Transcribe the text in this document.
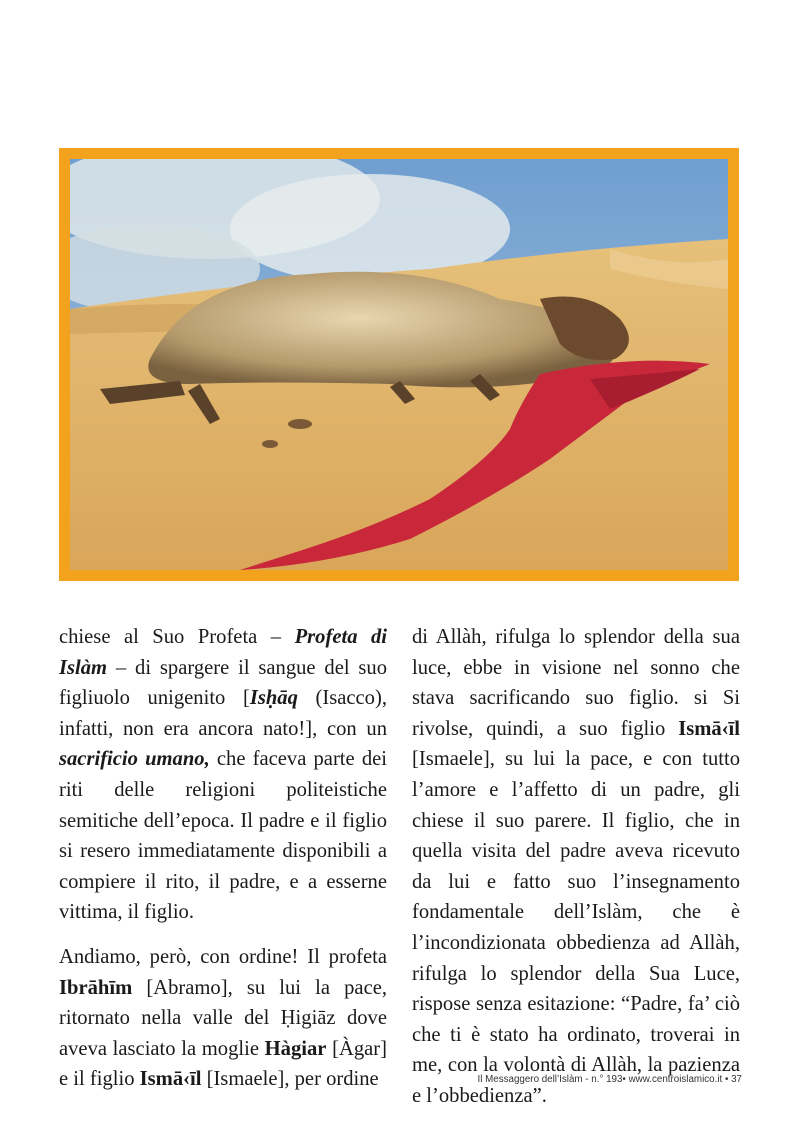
chiese al Suo Profeta – Profeta di Islàm – di spargere il sangue del suo figliuolo unigenito [Isḥāq (Isacco), infatti, non era ancora nato!], con un sacrificio umano, che faceva parte dei riti delle religioni politeistiche semitiche dell’epoca. Il padre e il figlio si resero immediatamente disponibili a compiere il rito, il padre, e a esserne vittima, il figlio.

Andiamo, però, con ordine! Il profeta Ibrāhīm [Abramo], su lui la pace, ritornato nella valle del Ḥigiāz dove aveva lasciato la moglie Hàgiar [Àgar] e il figlio Ismā‹īl [Ismaele], per ordine

di Allàh, rifulga lo splendor della sua luce, ebbe in visione nel sonno che stava sacrificando suo figlio. si Si rivolse, quindi, a suo figlio Ismā‹īl [Ismaele], su lui la pace, e con tutto l’amore e l’affetto di un padre, gli chiese il suo parere. Il figlio, che in quella visita del padre aveva ricevuto da lui e fatto suo l’insegnamento fondamentale dell’Islàm, che è l’incondizionata obbedienza ad Allàh, rifulga lo splendor della Sua Luce, rispose senza esitazione: “Padre, fa’ ciò che ti è stato ha ordinato, troverai in me, con la volontà di Allàh, la pazienza e l’obbedienza”.

Il Messaggero dell’Islàm - n.° 193• www.centroislamico.it • 37
